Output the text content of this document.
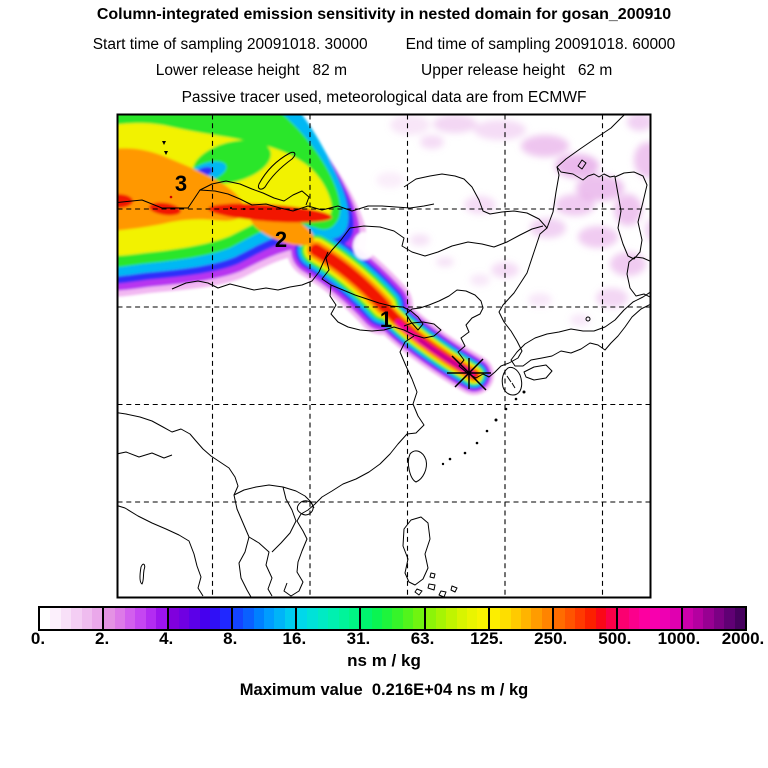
Column-integrated emission sensitivity in nested domain for gosan_200910
Start time of sampling 20091018. 30000 End time of sampling 20091018. 60000
Lower release height   82 m	Upper release height   62 m
Passive tracer used, meteorological data are from ECMWF
1
2
3
0.	2.	4.	8.	16. 31. 63. 125. 250. 500. 1000. 2000.
ns m / kg
Maximum value  0.216E+04 ns m / kg
